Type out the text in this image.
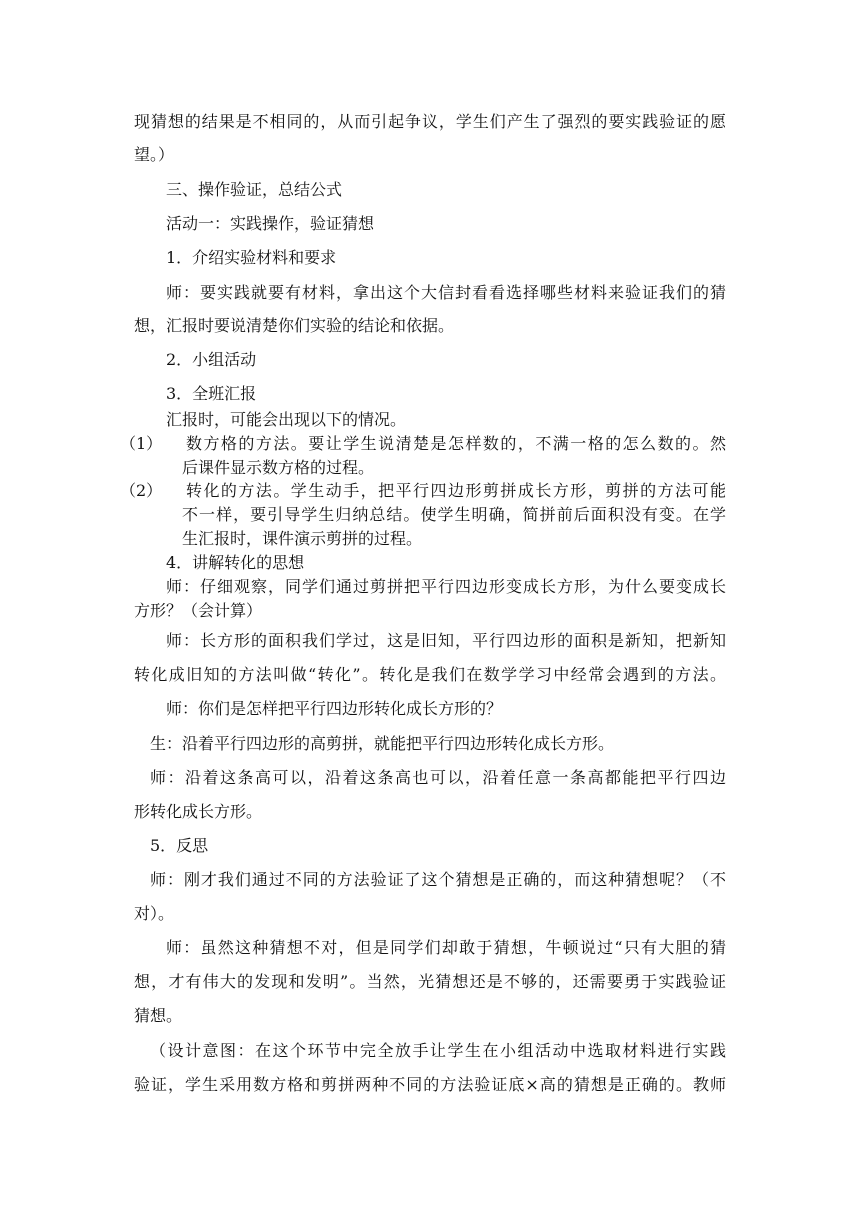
现猜想的结果是不相同的，从而引起争议，学生们产生了强烈的要实践验证的愿
望。）
三、操作验证，总结公式
活动一：实践操作，验证猜想
1．介绍实验材料和要求
师：要实践就要有材料，拿出这个大信封看看选择哪些材料来验证我们的猜
想，汇报时要说清楚你们实验的结论和依据。
2．小组活动
3．全班汇报
汇报时，可能会出现以下的情况。
（1） 数方格的方法。要让学生说清楚是怎样数的，不满一格的怎么数的。然
后课件显示数方格的过程。
（2） 转化的方法。学生动手，把平行四边形剪拼成长方形，剪拼的方法可能
不一样，要引导学生归纳总结。使学生明确，简拼前后面积没有变。在学
生汇报时，课件演示剪拼的过程。
4．讲解转化的思想
师：仔细观察，同学们通过剪拼把平行四边形变成长方形，为什么要变成长
方形？（会计算）
师：长方形的面积我们学过，这是旧知，平行四边形的面积是新知，把新知
转化成旧知的方法叫做“转化”。转化是我们在数学学习中经常会遇到的方法。
师：你们是怎样把平行四边形转化成长方形的？
生：沿着平行四边形的高剪拼，就能把平行四边形转化成长方形。
师：沿着这条高可以，沿着这条高也可以，沿着任意一条高都能把平行四边
形转化成长方形。
5．反思
师：刚才我们通过不同的方法验证了这个猜想是正确的，而这种猜想呢？（不
对）。
师：虽然这种猜想不对，但是同学们却敢于猜想，牛顿说过“只有大胆的猜
想，才有伟大的发现和发明”。当然，光猜想还是不够的，还需要勇于实践验证
猜想。
（设计意图：在这个环节中完全放手让学生在小组活动中选取材料进行实践
验证，学生采用数方格和剪拼两种不同的方法验证底×高的猜想是正确的。教师
